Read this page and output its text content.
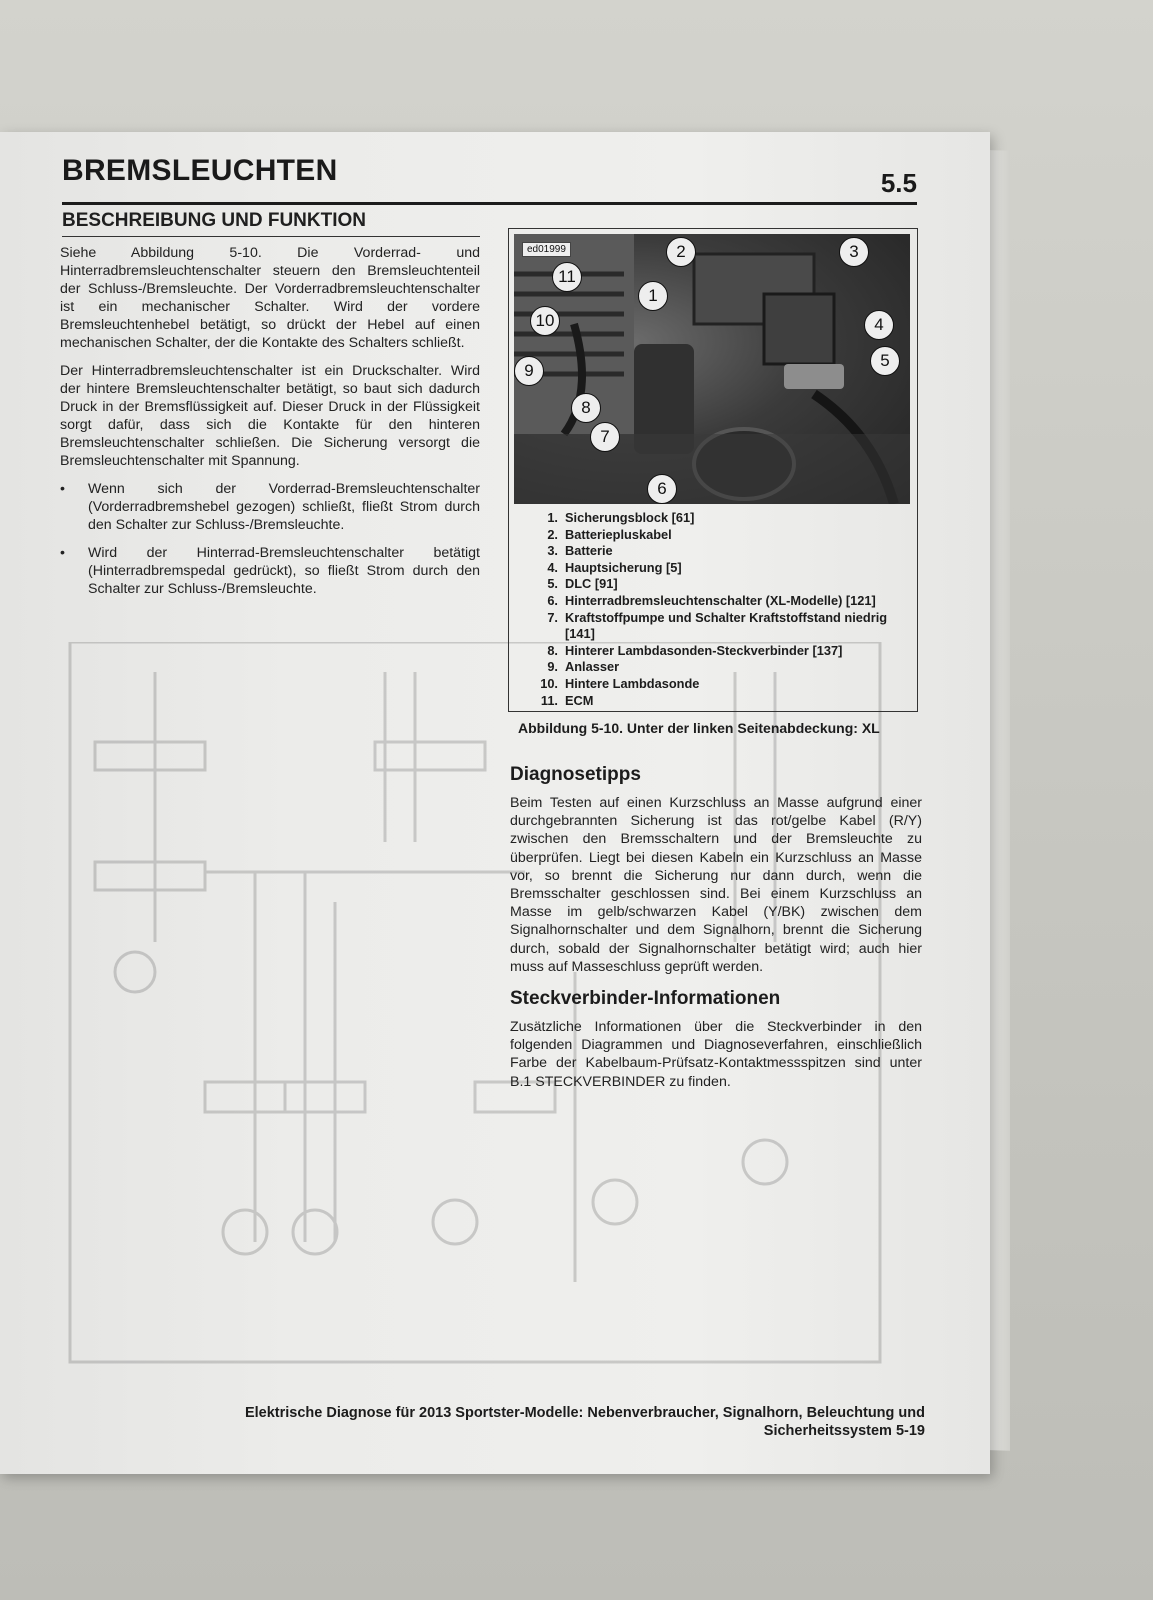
BREMSLEUCHTEN	5.5
BESCHREIBUNG UND FUNKTION

Siehe Abbildung 5-10. Die Vorderrad- und Hinterradbremsleuchtenschalter steuern den Bremsleuchtenteil der Schluss-/Bremsleuchte. Der Vorderradbremsleuchtenschalter ist ein mechanischer Schalter. Wird der vordere Bremsleuchtenhebel betätigt, so drückt der Hebel auf einen mechanischen Schalter, der die Kontakte des Schalters schließt.

Der Hinterradbremsleuchtenschalter ist ein Druckschalter. Wird der hintere Bremsleuchtenschalter betätigt, so baut sich dadurch Druck in der Bremsflüssigkeit auf. Dieser Druck in der Flüssigkeit sorgt dafür, dass sich die Kontakte für den hinteren Bremsleuchtenschalter schließen. Die Sicherung versorgt die Bremsleuchtenschalter mit Spannung.

• Wenn sich der Vorderrad-Bremsleuchtenschalter (Vorderradbremshebel gezogen) schließt, fließt Strom durch den Schalter zur Schluss-/Bremsleuchte.
• Wird der Hinterrad-Bremsleuchtenschalter betätigt (Hinterradbremspedal gedrückt), so fließt Strom durch den Schalter zur Schluss-/Bremsleuchte.
ed01999
1
2	3
4
5
6
7
8
9
10
11
1. Sicherungsblock [61]
2. Batteriepluskabel
3. Batterie
4. Hauptsicherung [5]
5. DLC [91]
6. Hinterradbremsleuchtenschalter (XL-Modelle) [121]
7. Kraftstoffpumpe und Schalter Kraftstoffstand niedrig [141]
8. Hinterer Lambdasonden-Steckverbinder [137]
9. Anlasser
10. Hintere Lambdasonde
11. ECM
Abbildung 5-10. Unter der linken Seitenabdeckung: XL
Diagnosetipps
Beim Testen auf einen Kurzschluss an Masse aufgrund einer durchgebrannten Sicherung ist das rot/gelbe Kabel (R/Y) zwischen den Bremsschaltern und der Bremsleuchte zu überprüfen. Liegt bei diesen Kabeln ein Kurzschluss an Masse vor, so brennt die Sicherung nur dann durch, wenn die Bremsschalter geschlossen sind. Bei einem Kurzschluss an Masse im gelb/schwarzen Kabel (Y/BK) zwischen dem Signalhornschalter und dem Signalhorn, brennt die Sicherung durch, sobald der Signalhornschalter betätigt wird; auch hier muss auf Masseschluss geprüft werden.
Steckverbinder-Informationen
Zusätzliche Informationen über die Steckverbinder in den folgenden Diagrammen und Diagnoseverfahren, einschließlich Farbe der Kabelbaum-Prüfsatz-Kontaktmessspitzen sind unter B.1 STECKVERBINDER zu finden.
Elektrische Diagnose für 2013 Sportster-Modelle: Nebenverbraucher, Signalhorn, Beleuchtung und
Sicherheitssystem 5-19
